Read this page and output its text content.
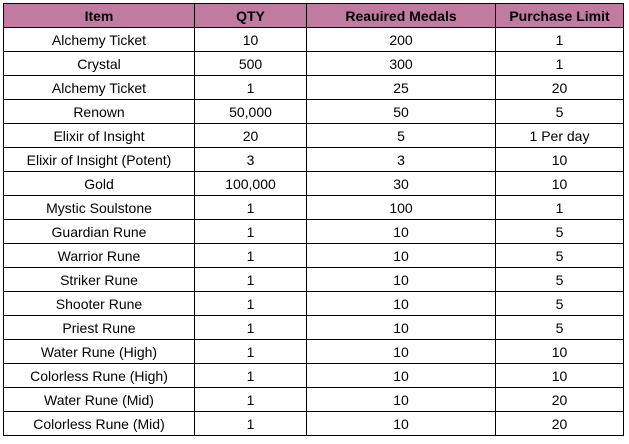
Item	QTY	Reauired Medals	Purchase Limit
Alchemy Ticket	10	200	1
Crystal	500	300	1
Alchemy Ticket	1	25	20
Renown	50,000	50	5
Elixir of Insight	20	5	1 Per day
Elixir of Insight (Potent)	3	3	10
Gold	100,000	30	10
Mystic Soulstone	1	100	1
Guardian Rune	1	10	5
Warrior Rune	1	10	5
Striker Rune	1	10	5
Shooter Rune	1	10	5
Priest Rune	1	10	5
Water Rune (High)	1	10	10
Colorless Rune (High)	1	10	10
Water Rune (Mid)	1	10	20
Colorless Rune (Mid)	1	10	20
